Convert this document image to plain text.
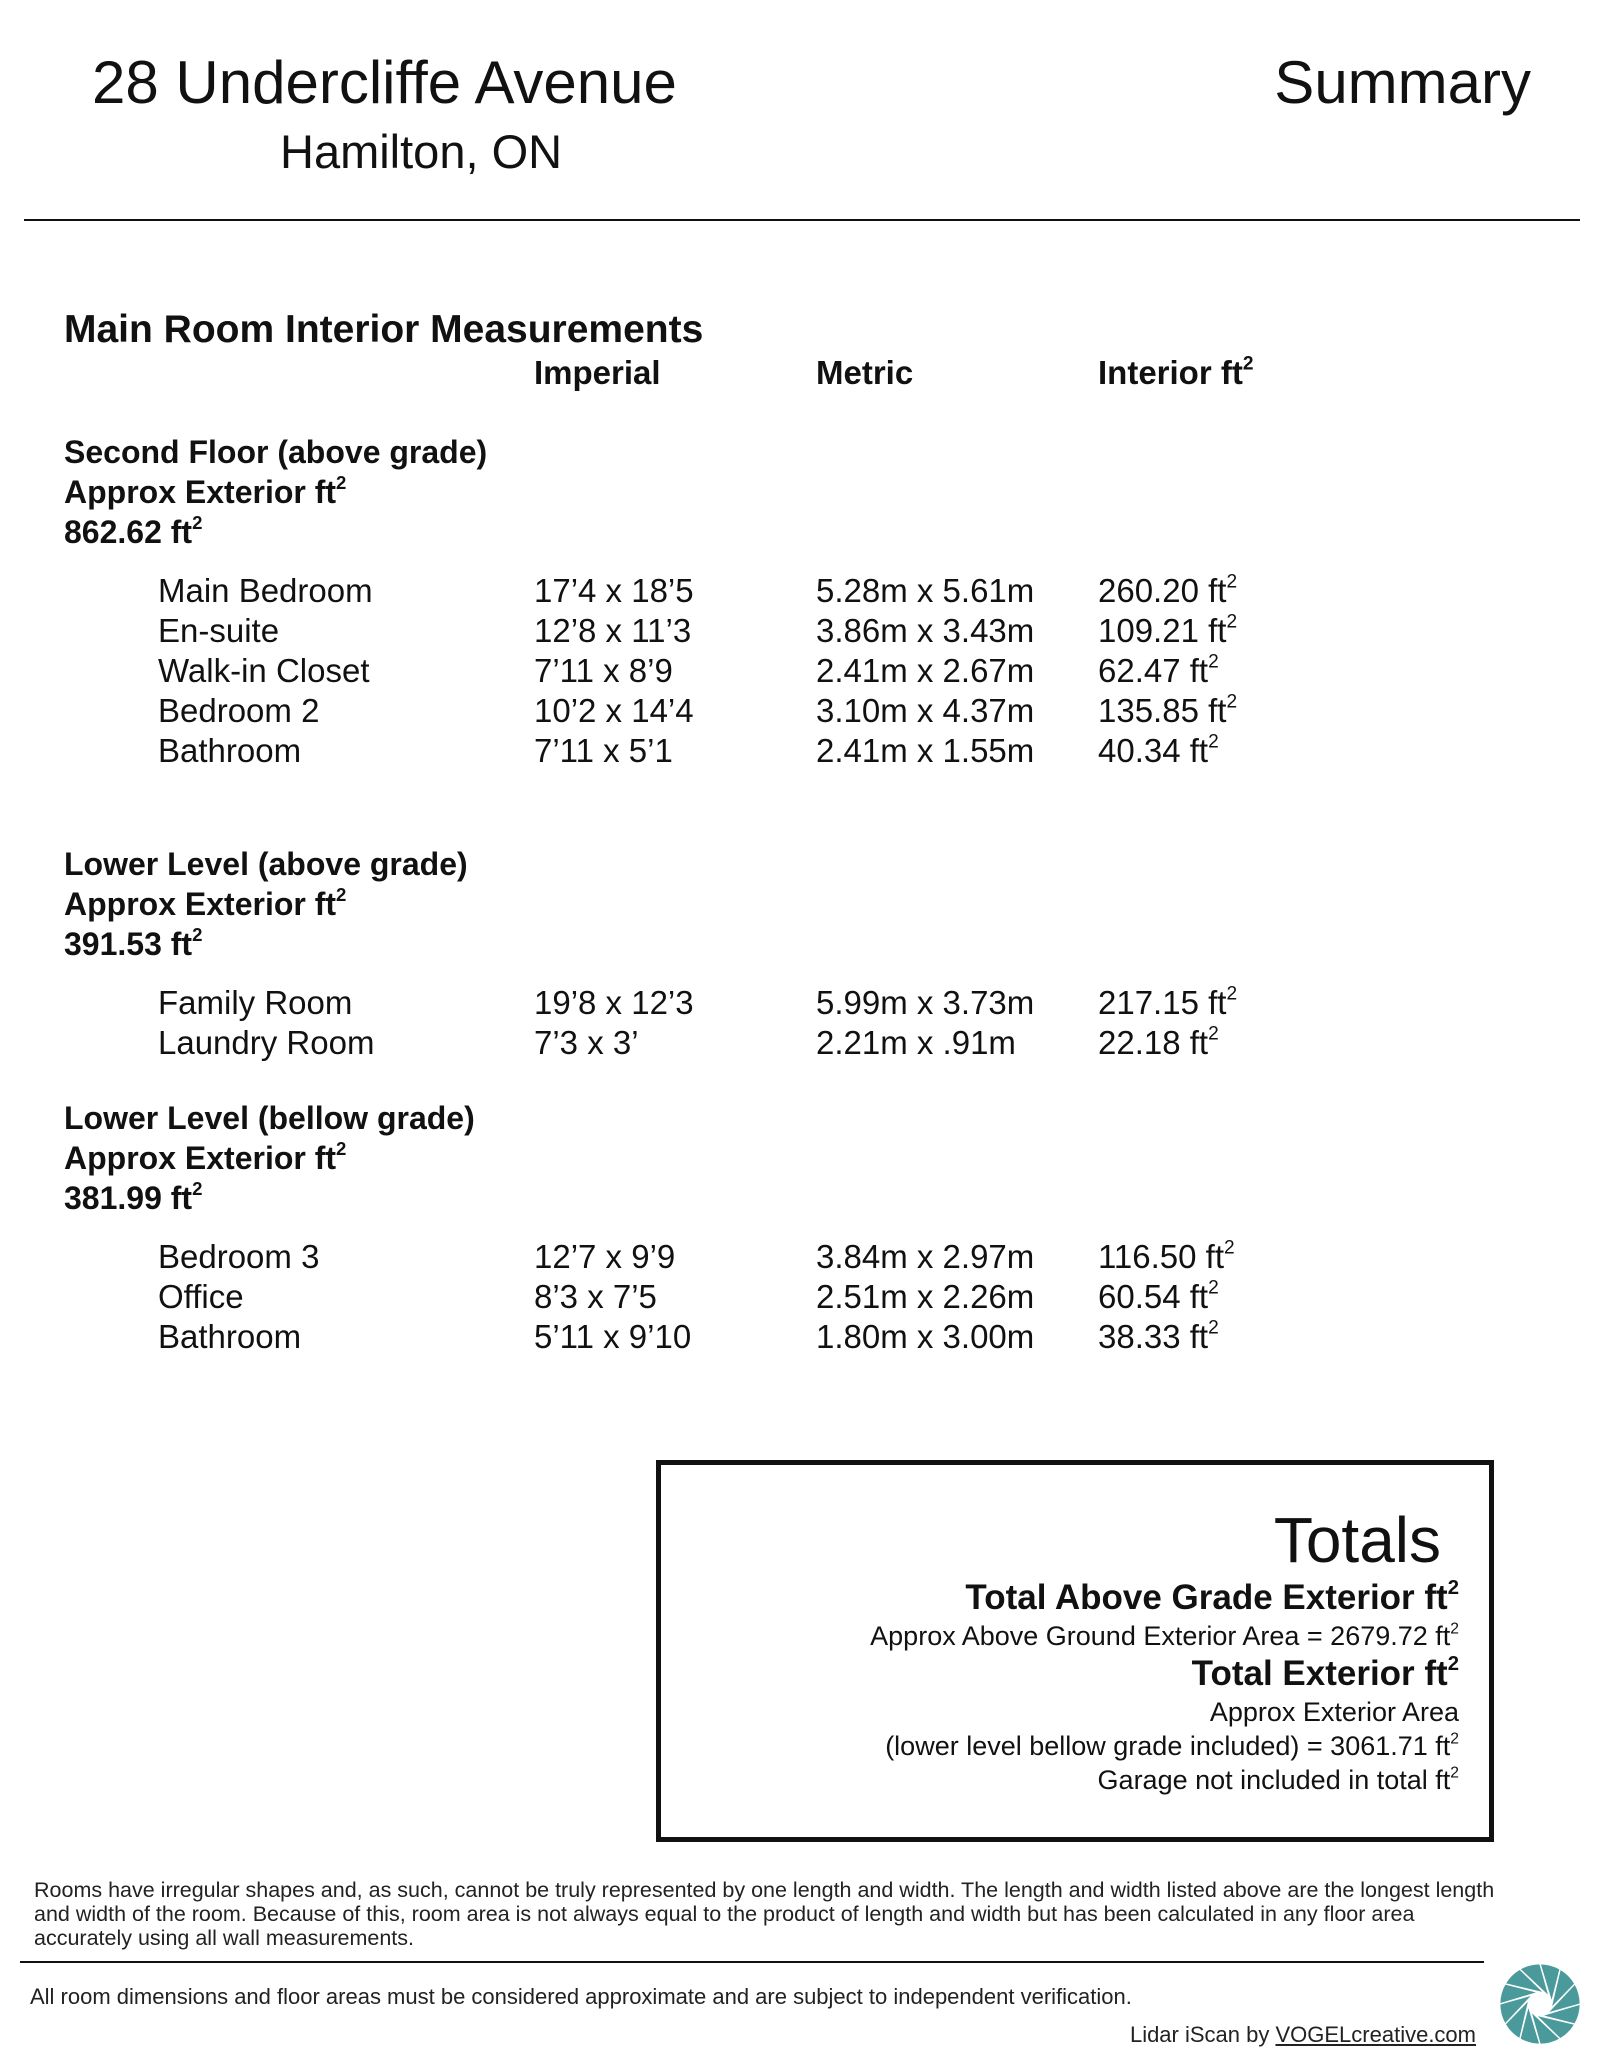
28 Undercliffe Avenue
Hamilton, ON
Summary
Main Room Interior Measurements
Imperial	Metric	Interior $ft^2$
Second Floor (above grade)
Approx Exterior $ft^2$
862.62 $ft^2$
Main Bedroom	17’4 x 18’5	5.28m x 5.61m 260.20 $ft^2$
En-suite	12’8 x 11’3	3.86m x 3.43m 109.21 $ft^2$
Walk-in Closet	7’11 x 8’9	2.41m x 2.67m 62.47 $ft^2$
Bedroom 2	10’2 x 14’4	3.10m x 4.37m 135.85 $ft^2$
Bathroom	7’11 x 5’1	2.41m x 1.55m 40.34 $ft^2$
Lower Level (above grade)
Approx Exterior $ft^2$
391.53 $ft^2$
Family Room	19’8 x 12’3	5.99m x 3.73m 217.15 $ft^2$
Laundry Room	7’3 x 3’	2.21m x .91m 22.18 $ft^2$
Lower Level (bellow grade)
Approx Exterior $ft^2$
381.99 $ft^2$
Bedroom 3	12’7 x 9’9	3.84m x 2.97m 116.50 $ft^2$
Office	8’3 x 7’5	2.51m x 2.26m 60.54 $ft^2$
Bathroom	5’11 x 9’10	1.80m x 3.00m 38.33 $ft^2$
Totals
Total Above Grade Exterior $ft^2$
Approx Above Ground Exterior Area = 2679.72 $ft^2$
Total Exterior $ft^2$
Approx Exterior Area
(lower level bellow grade included) = 3061.71 $ft^2$
Garage not included in total $ft^2$
Rooms have irregular shapes and, as such, cannot be truly represented by one length and width. The length and width listed above are the longest length and width of the room. Because of this, room area is not always equal to the product of length and width but has been calculated in any floor area accurately using all wall measurements.
All room dimensions and floor areas must be considered approximate and are subject to independent verification.
Lidar iScan by VOGELcreative.com
